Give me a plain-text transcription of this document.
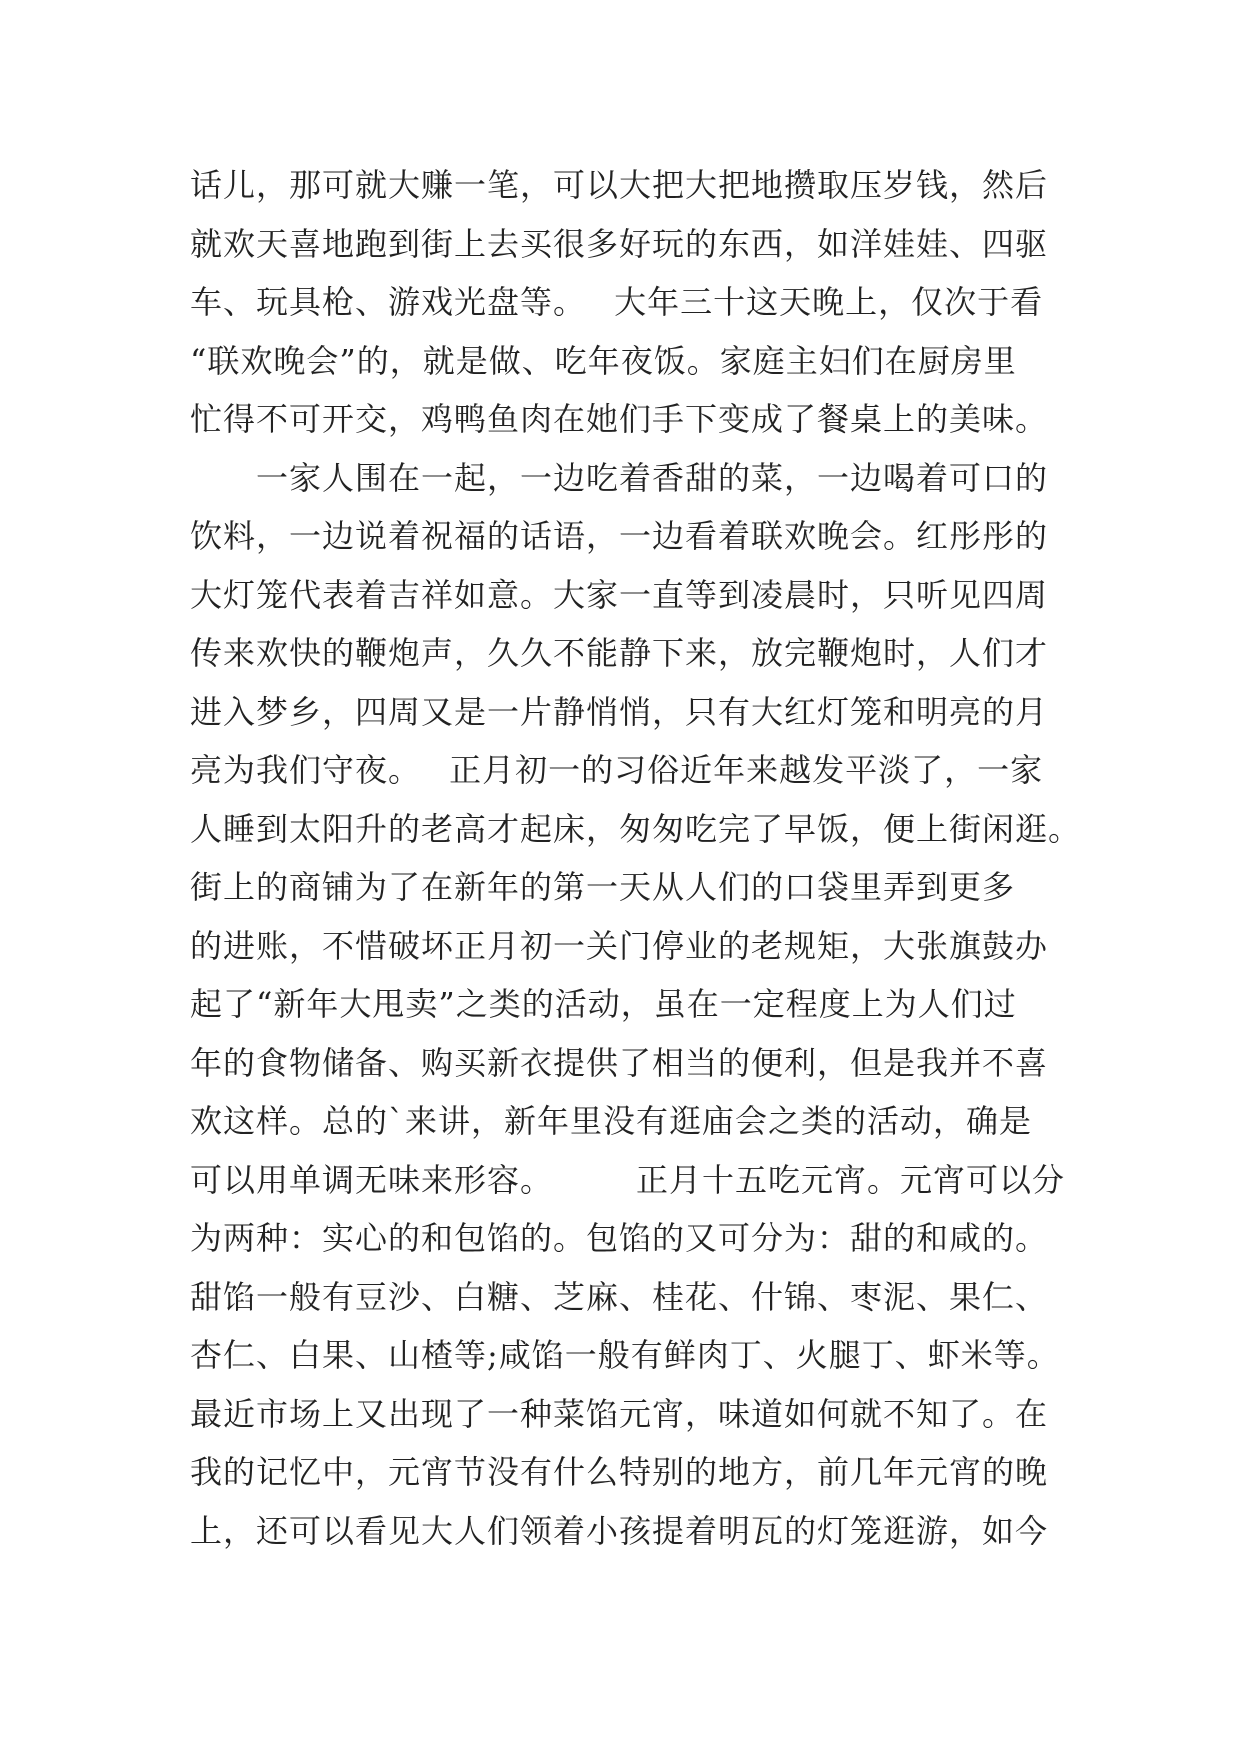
话儿，那可就大赚一笔，可以大把大把地攒取压岁钱，然后
就欢天喜地跑到街上去买很多好玩的东西，如洋娃娃、四驱
车、玩具枪、游戏光盘等。　 大年三十这天晚上，仅次于看
“联欢晚会”的，就是做、吃年夜饭。家庭主妇们在厨房里
忙得不可开交，鸡鸭鱼肉在她们手下变成了餐桌上的美味。
　　一家人围在一起，一边吃着香甜的菜，一边喝着可口的
饮料，一边说着祝福的话语，一边看着联欢晚会。红彤彤的
大灯笼代表着吉祥如意。大家一直等到凌晨时，只听见四周
传来欢快的鞭炮声，久久不能静下来，放完鞭炮时，人们才
进入梦乡，四周又是一片静悄悄，只有大红灯笼和明亮的月
亮为我们守夜。　 正月初一的习俗近年来越发平淡了，一家
人睡到太阳升的老高才起床，匆匆吃完了早饭，便上街闲逛。
街上的商铺为了在新年的第一天从人们的口袋里弄到更多
的进账，不惜破坏正月初一关门停业的老规矩，大张旗鼓办
起了“新年大甩卖”之类的活动，虽在一定程度上为人们过
年的食物储备、购买新衣提供了相当的便利，但是我并不喜
欢这样。总的`来讲，新年里没有逛庙会之类的活动，确是
可以用单调无味来形容。　　　正月十五吃元宵。元宵可以分
为两种：实心的和包馅的。包馅的又可分为：甜的和咸的。
甜馅一般有豆沙、白糖、芝麻、桂花、什锦、枣泥、果仁、
杏仁、白果、山楂等;咸馅一般有鲜肉丁、火腿丁、虾米等。
最近市场上又出现了一种菜馅元宵，味道如何就不知了。在
我的记忆中，元宵节没有什么特别的地方，前几年元宵的晚
上，还可以看见大人们领着小孩提着明瓦的灯笼逛游，如今
